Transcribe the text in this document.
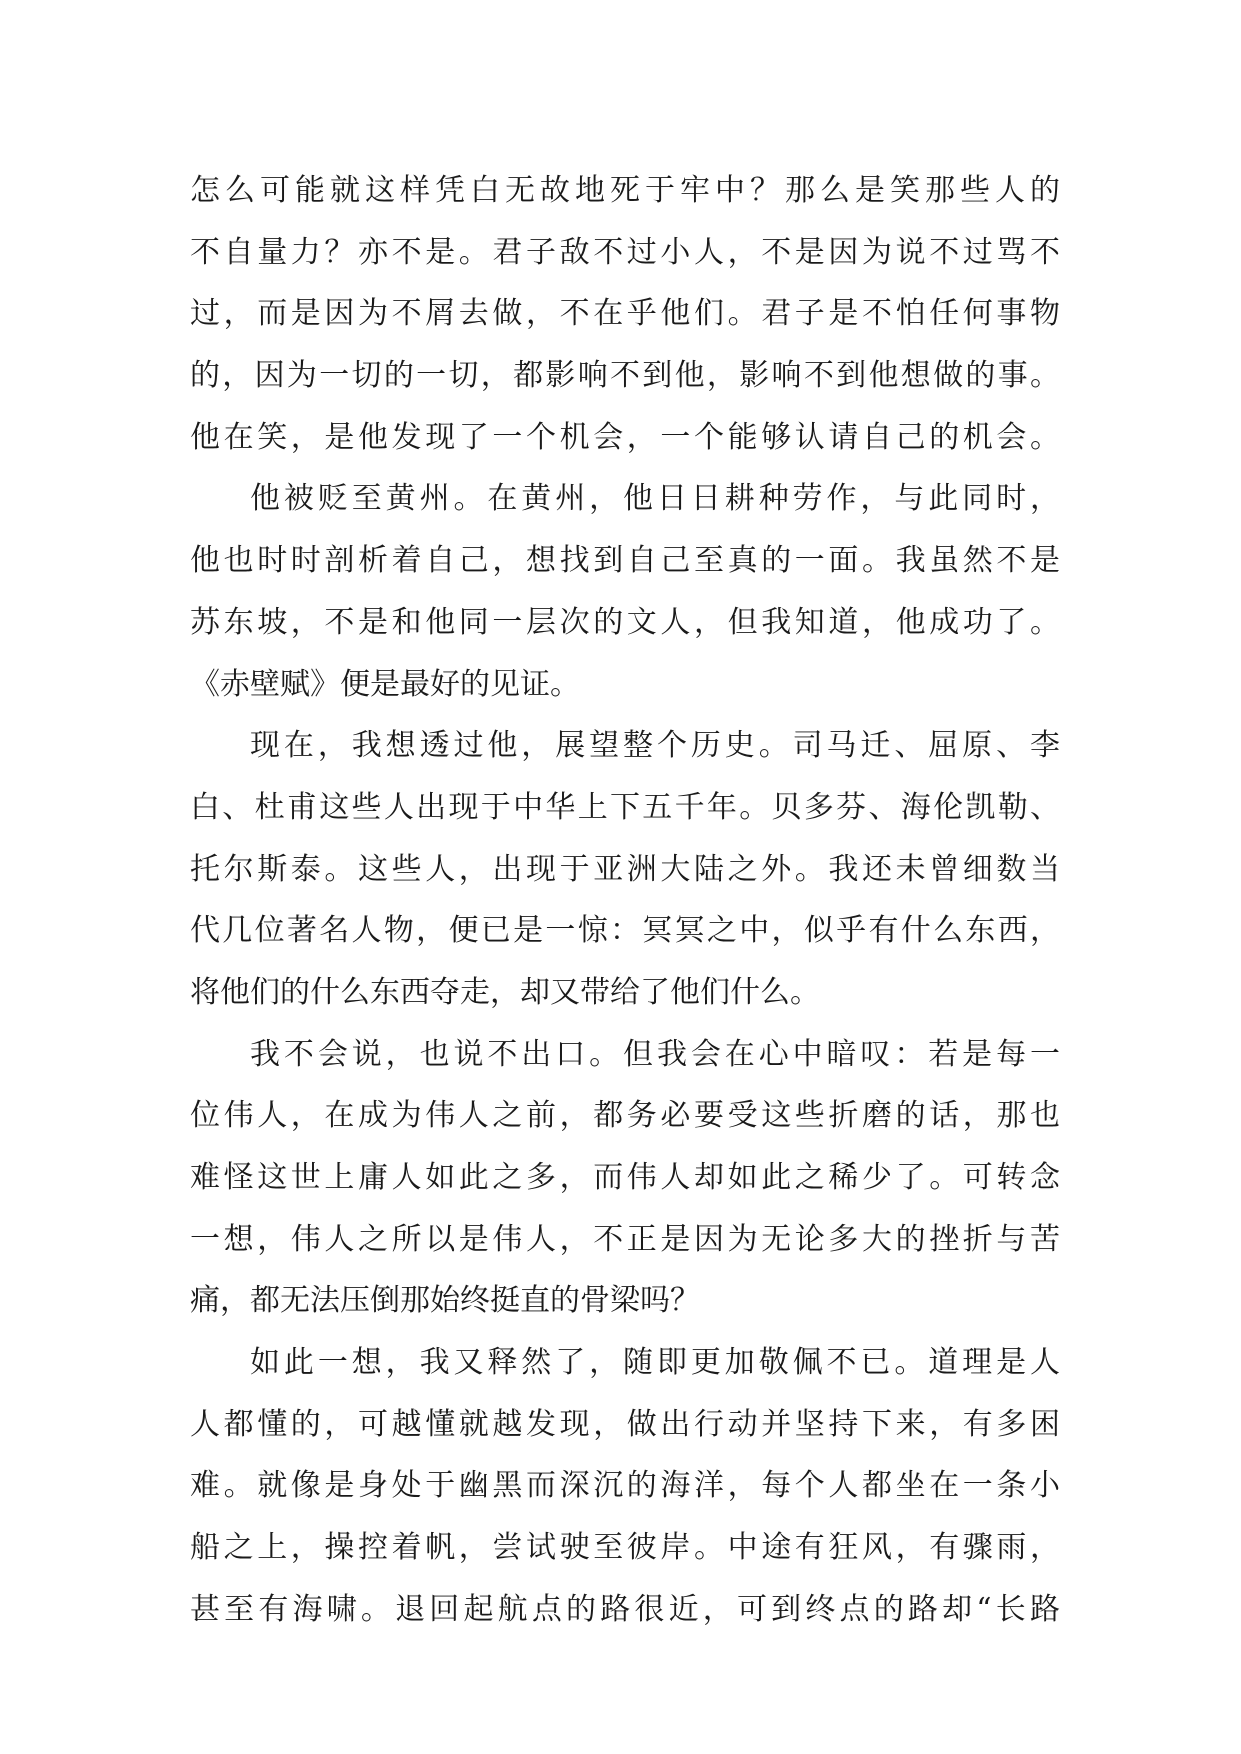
怎么可能就这样凭白无故地死于牢中？那么是笑那些人的
不自量力？亦不是。君子敌不过小人，不是因为说不过骂不
过，而是因为不屑去做，不在乎他们。君子是不怕任何事物
的，因为一切的一切，都影响不到他，影响不到他想做的事。
他在笑，是他发现了一个机会，一个能够认请自己的机会。
他被贬至黄州。在黄州，他日日耕种劳作，与此同时，
他也时时剖析着自己，想找到自己至真的一面。我虽然不是
苏东坡，不是和他同一层次的文人，但我知道，他成功了。
《赤壁赋》便是最好的见证。
现在，我想透过他，展望整个历史。司马迁、屈原、李
白、杜甫这些人出现于中华上下五千年。贝多芬、海伦凯勒、
托尔斯泰。这些人，出现于亚洲大陆之外。我还未曾细数当
代几位著名人物，便已是一惊：冥冥之中，似乎有什么东西，
将他们的什么东西夺走，却又带给了他们什么。
我不会说，也说不出口。但我会在心中暗叹：若是每一
位伟人，在成为伟人之前，都务必要受这些折磨的话，那也
难怪这世上庸人如此之多，而伟人却如此之稀少了。可转念
一想，伟人之所以是伟人，不正是因为无论多大的挫折与苦
痛，都无法压倒那始终挺直的骨梁吗？
如此一想，我又释然了，随即更加敬佩不已。道理是人
人都懂的，可越懂就越发现，做出行动并坚持下来，有多困
难。就像是身处于幽黑而深沉的海洋，每个人都坐在一条小
船之上，操控着帆，尝试驶至彼岸。中途有狂风，有骤雨，
甚至有海啸。退回起航点的路很近，可到终点的路却“长路
